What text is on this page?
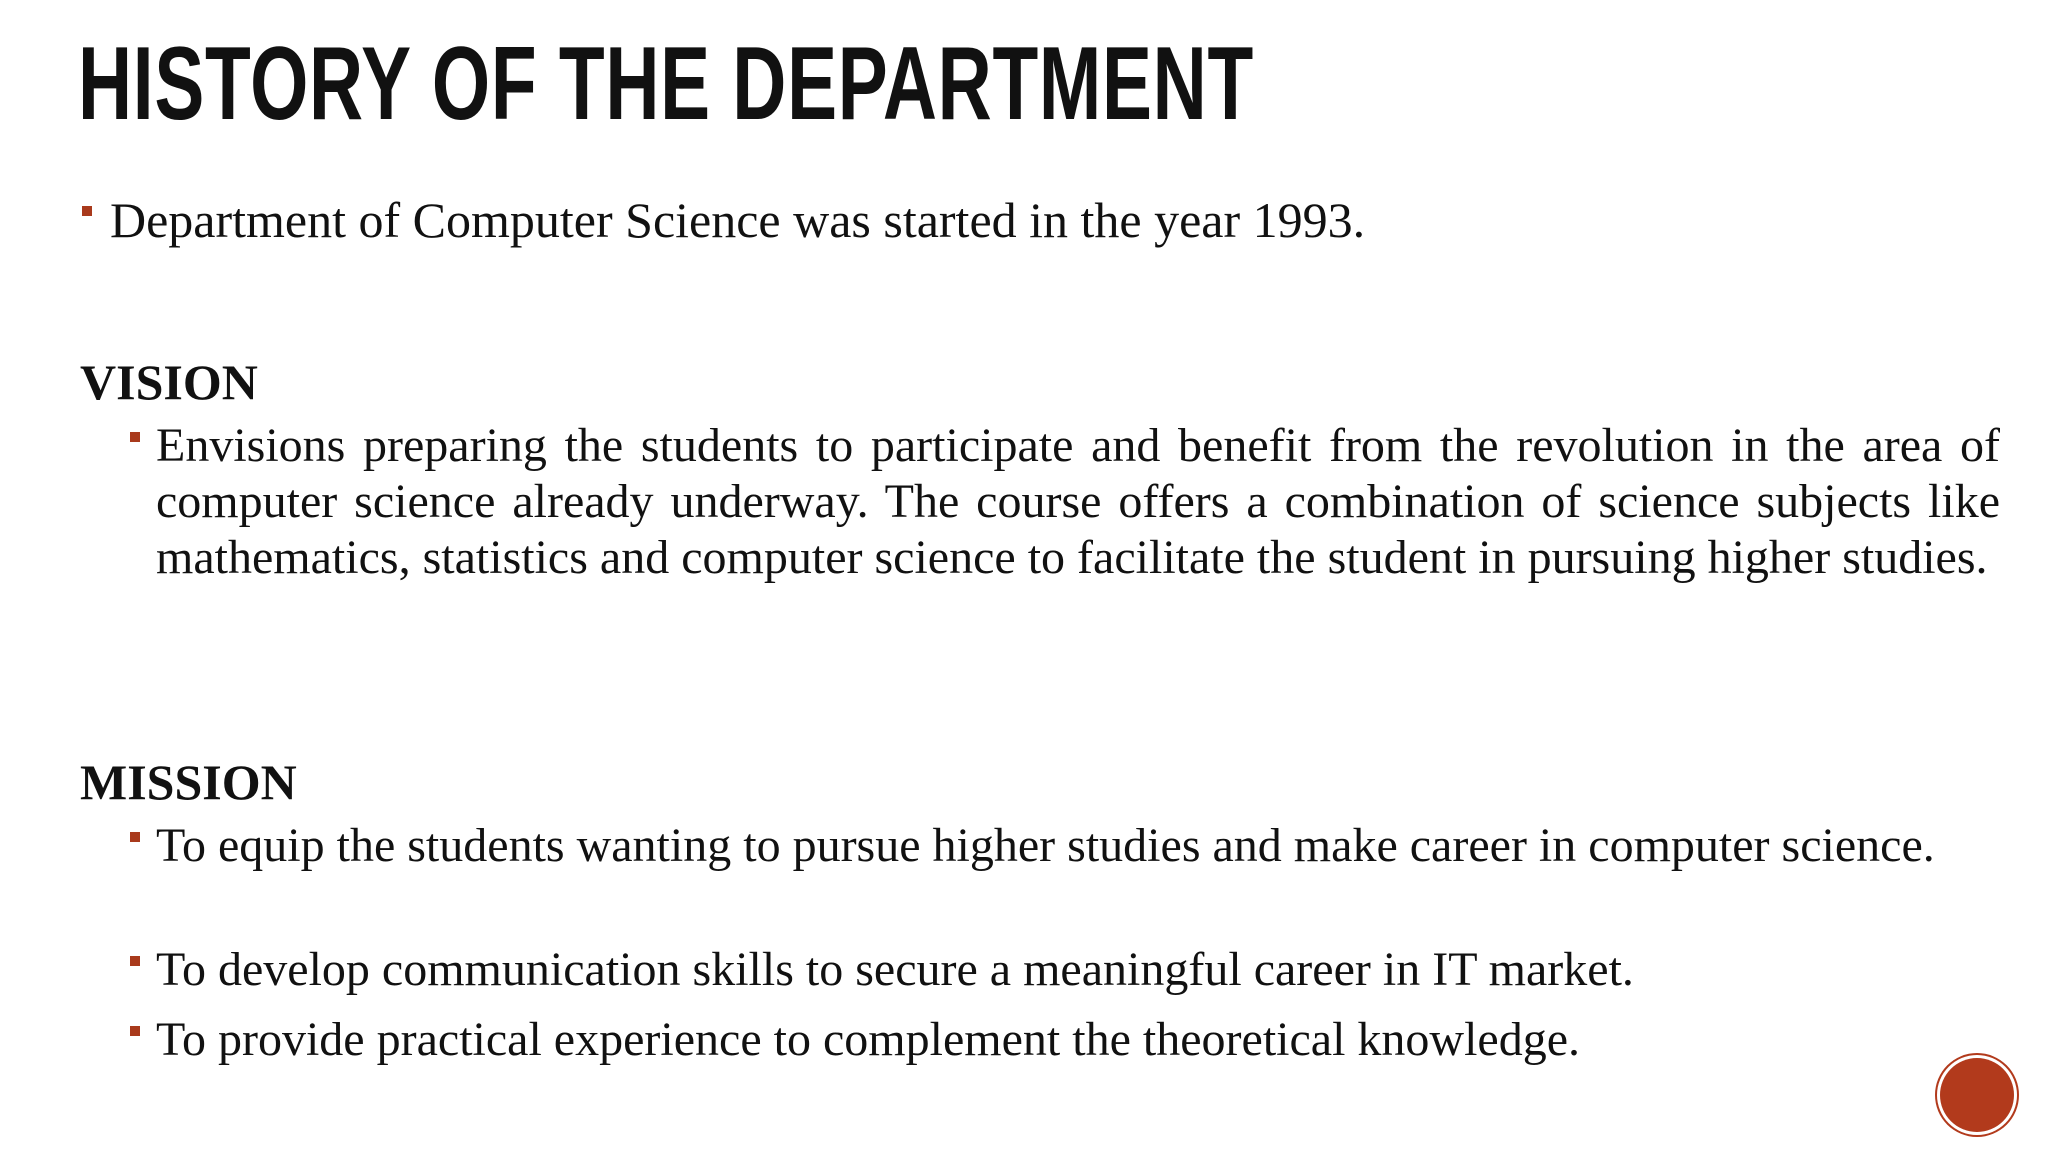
HISTORY OF THE DEPARTMENT
Department of Computer Science was started in the year 1993.
VISION
Envisions preparing the students to participate and benefit from the revolution in the area of computer science already underway. The course offers a combination of science subjects like mathematics, statistics and computer science to facilitate the student in pursuing higher studies.
MISSION
To equip the students wanting to pursue higher studies and make career in computer science.
To develop communication skills to secure a meaningful career in IT market.
To provide practical experience to complement the theoretical knowledge.
